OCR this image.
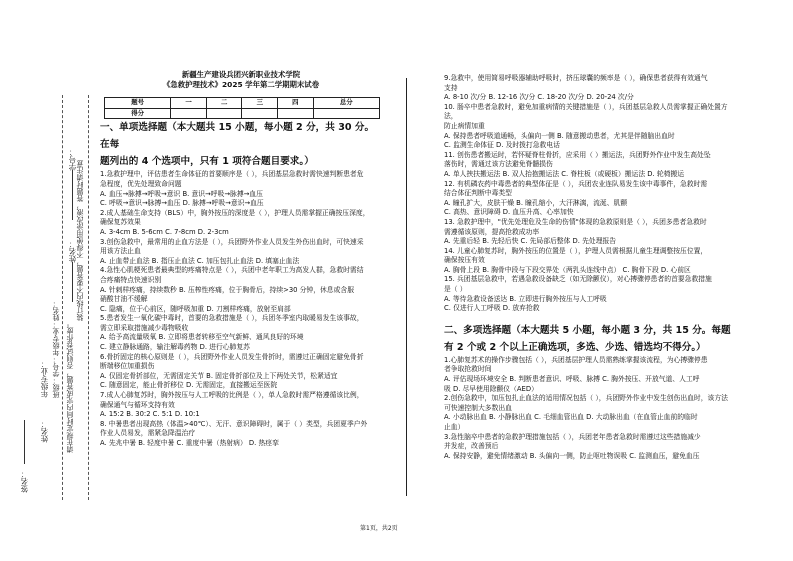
学号：
姓名： 装订线内不要答题，不得使用涂改液，答题时请注意
请在规定时间内完成答题，否则试卷作废。
年级专业： 班级：学号：年级专业：姓名：
姓名：
签名：

新疆生产建设兵团兴新职业技术学院

《急救护理技术》2025 学年第二学期期末试卷

题号	一	二	三	四	总分
得分					

一、单项选择题（本大题共 15 小题，每小题 2 分，共 30 分。在每

题列出的 4 个选项中，只有 1 项符合题目要求。）

1.急救护理中，评估患者生命体征的首要顺序是（ ），兵团基层急救时需快速判断患者危

急程度，优先处理致命问题

A. 血压→脉搏→呼吸→意识 B. 意识→呼吸→脉搏→血压

C. 呼吸→意识→脉搏→血压 D. 脉搏→呼吸→意识→血压

2.成人基础生命支持（BLS）中，胸外按压的深度是（ ），护理人员需掌握正确按压深度，

确保复苏效果

A. 3-4cm B. 5-6cm C. 7-8cm D. 2-3cm

3.创伤急救中，最常用的止血方法是（ ），兵团野外作业人员发生外伤出血时，可快速采

用该方法止血

A. 止血带止血法 B. 指压止血法 C. 加压包扎止血法 D. 填塞止血法

4.急性心肌梗死患者最典型的疼痛特点是（ ），兵团中老年职工为高发人群，急救时需结

合疼痛特点快速识别

A. 针刺样疼痛，持续数秒 B. 压榨性疼痛，位于胸骨后，持续>30 分钟，休息或含服

硝酸甘油不缓解

C. 隐痛，位于心前区，随呼吸加重 D. 刀割样疼痛，放射至肩部

5.患者发生一氧化碳中毒时，首要的急救措施是（ ），兵团冬季室内取暖易发生该事故，

需立即采取措施减少毒物吸收

A. 给予高流量吸氧 B. 立即将患者转移至空气新鲜、通风良好的环境

C. 建立静脉通路，输注解毒药物 D. 进行心肺复苏

6.骨折固定的核心原则是（ ），兵团野外作业人员发生骨折时，需遵过正确固定避免骨折

断端移位加重损伤

A. 仅固定骨折部位，无需固定关节 B. 固定骨折部位及上下两处关节，松紧适宜

C. 随意固定，能止骨折移位 D. 无需固定，直接搬运至医院

7.成人心肺复苏时，胸外按压与人工呼吸的比例是（ ），单人急救时需严格遵循该比例，

确保通气与循环支持有效

A. 15:2 B. 30:2 C. 5:1 D. 10:1

8. 中暑患者出现高热（体温>40℃）、无汗、意识障碍时，属于（ ）类型，兵团夏季户外

作业人员易发，需紧急降温治疗

A. 先兆中暑 B. 轻度中暑 C. 重度中暑（热射病） D. 热痉挛

9.急救中，使用简易呼吸器辅助呼吸时，挤压球囊的频率是（ ），确保患者获得有效通气

支持

A. 8-10 次/分 B. 12-16 次/分 C. 18-20 次/分 D. 20-24 次/分

10. 肠卒中患者急救时，避免加重病情的关键措施是（ ），兵团基层急救人员需掌握正确处置方法，

防止病情加重

A. 保持患者呼吸道通畅，头偏向一侧 B. 随意搬动患者，尤其是伴随脑出血时

C. 监测生命体征 D. 及时拨打急救电话

11. 创伤患者搬运时，若怀疑脊柱骨折，应采用（ ）搬运法，兵团野外作业中发生高处坠

落伤时，需通过该方法避免脊髓损伤

A. 单人挟扶搬运法 B. 双人抬抱搬运法 C. 脊柱板（或硬板）搬运法 D. 轮椅搬运

12. 有机磷农药中毒患者的典型体征是（ ），兵团农业连队易发生该中毒事件，急救时需

结合体征判断中毒类型

A. 瞳孔扩大，皮肤干燥 B. 瞳孔缩小，大汗淋漓，流涎、肌颤

C. 高热、意识障碍 D. 血压升高、心率加快

13. 急救护理中，"优先处理危及生命的伤情"体现的急救原则是（ ），兵团多患者急救时

需遵循该原则，提高抢救成功率

A. 先重后轻 B. 先轻后快 C. 先局部后整体 D. 先处理报告

14. 儿童心肺复苏时，胸外按压的位置是（ ），护理人员需根据儿童生理调整按压位置，

确保按压有效

A. 胸骨上段 B. 胸骨中段与下段交界处（两乳头连线中点） C. 胸骨下段 D. 心前区

15. 兵团基层急救中，若遇急救设备缺乏（如无除颤仪），对心搏骤停患者的首要急救措施

是（ ）

A. 等待急救设备送达 B. 立即进行胸外按压与人工呼吸

C. 仅进行人工呼吸 D. 放弃抢救

二、多项选择题（本大题共 5 小题，每小题 3 分，共 15 分。每题

有 2 个或 2 个以上正确选项，多选、少选、错选均不得分。）

1.心肺复苏术的操作步骤包括（ ），兵团基层护理人员需熟练掌握该流程，为心搏骤停患

者争取抢救时间

A. 评估现场环境安全 B. 判断患者意识、呼吸、脉搏 C. 胸外按压、开放气道、人工呼

吸 D. 尽早使用除颤仪（AED）

2.创伤急救中，加压包扎止血法的适用情况包括（ ），兵团野外作业中发生创伤出血时，该方法

可快速控制大多数出血

A. 小动脉出血 B. 小静脉出血 C. 毛细血管出血 D. 大动脉出血（在血管止血前的临时

止血）

3.急性脑卒中患者的急救护理措施包括（ ），兵团老年患者急救时需遵过这些措施减少

并发症，改善预后

A. 保持安静，避免情绪激动 B. 头偏向一侧，防止呕吐物误吸 C. 监测血压，避免血压

第1页，共2页
